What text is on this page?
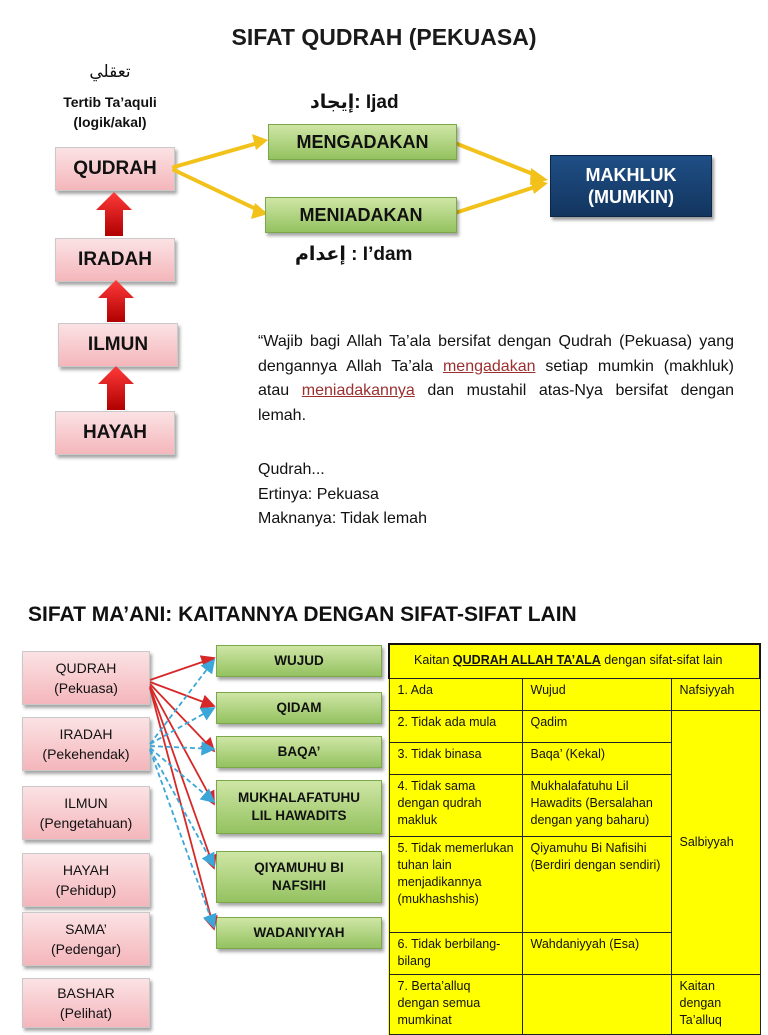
SIFAT QUDRAH (PEKUASA)
تعقلي
Tertib Ta’aquli
(logik/akal)
QUDRAH
IRADAH
ILMUN
HAYAH
إيجاد: Ijad
MENGADAKAN
MENIADAKAN
إعدام : I’dam
MAKHLUK
(MUMKIN)
“Wajib bagi Allah Ta’ala bersifat dengan Qudrah (Pekuasa) yang dengannya Allah Ta’ala mengadakan setiap mumkin (makhluk) atau meniadakannya dan mustahil atas-Nya bersifat dengan lemah.
Qudrah...
Ertinya: Pekuasa
Maknanya: Tidak lemah
SIFAT MA’ANI: KAITANNYA DENGAN SIFAT-SIFAT LAIN
QUDRAH
(Pekuasa)
IRADAH
(Pekehendak)
ILMUN
(Pengetahuan)
HAYAH
(Pehidup)
SAMA’
(Pedengar)
BASHAR
(Pelihat)
WUJUD
QIDAM
BAQA’
MUKHALAFATUHU
LIL HAWADITS
QIYAMUHU BI
NAFSIHI
WADANIYYAH
Kaitan QUDRAH ALLAH TA’ALA dengan sifat-sifat lain		
1. Ada	Wujud	Nafsiyyah
2. Tidak ada mula	Qadim	Salbiyyah
3. Tidak binasa	Baqa’ (Kekal)	
4. Tidak sama dengan qudrah makluk	Mukhalafatuhu Lil Hawadits (Bersalahan dengan yang baharu)	
5. Tidak memerlukan tuhan lain menjadikannya (mukhashshis)	Qiyamuhu Bi Nafisihi (Berdiri dengan sendiri)	
6. Tidak berbilang-bilang	Wahdaniyyah (Esa)	
7. Berta’alluq dengan semua mumkinat		Kaitan dengan Ta’alluq
